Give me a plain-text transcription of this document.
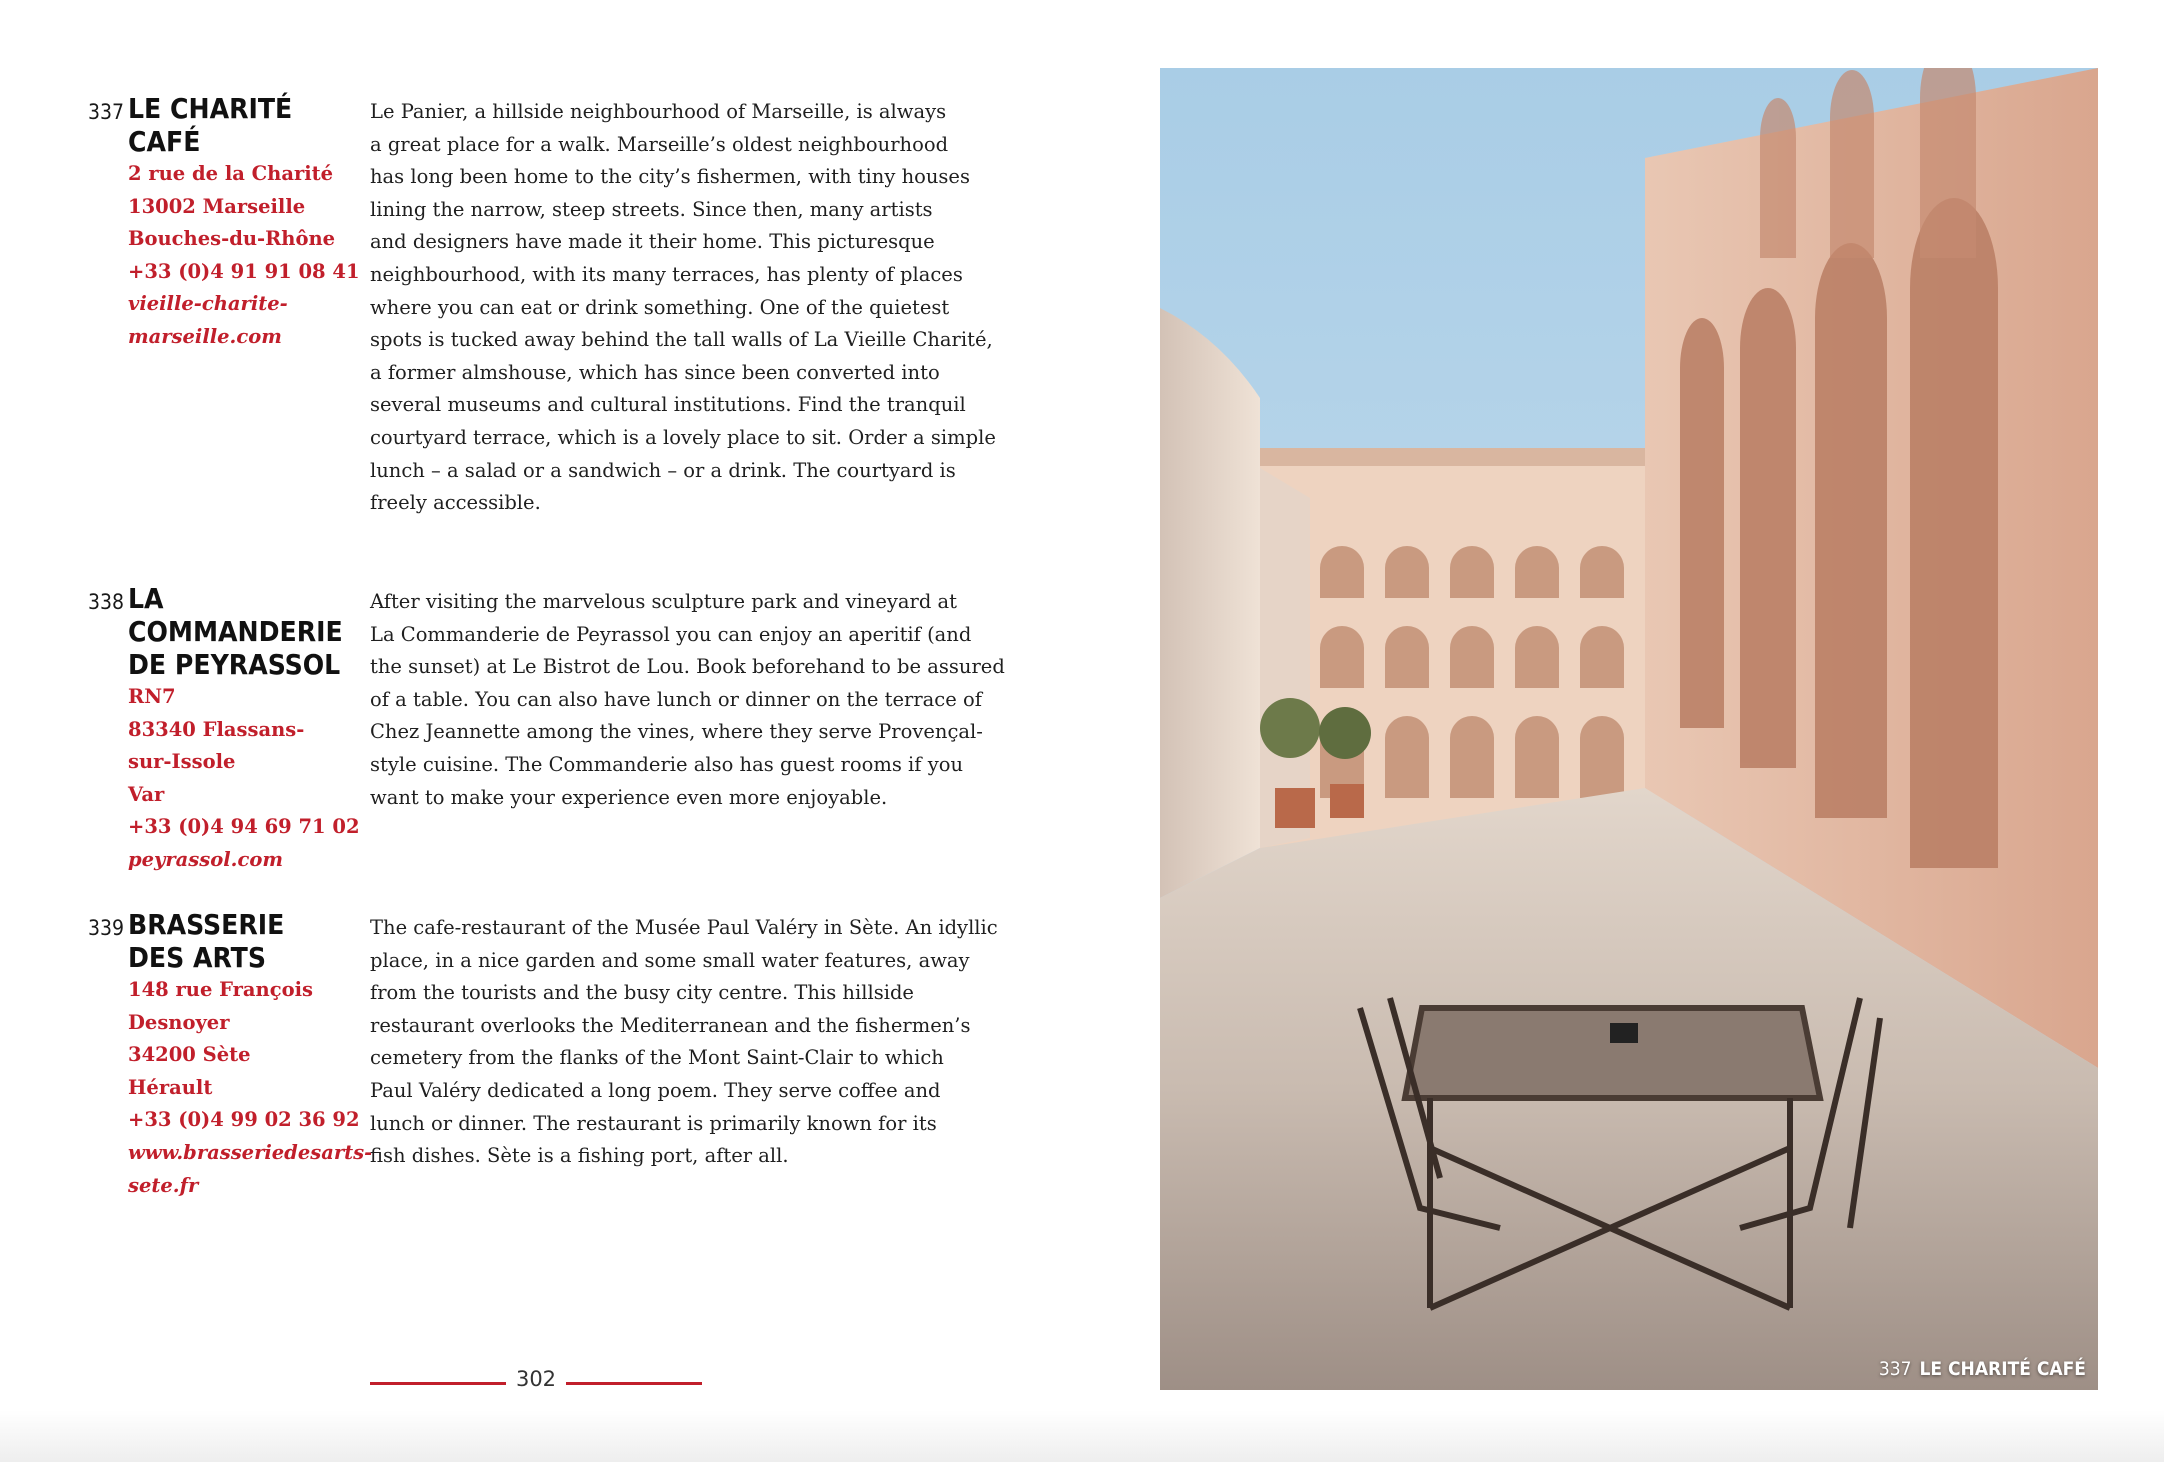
337 LE CHARITÉ CAFÉ
2 rue de la Charité
13002 Marseille
Bouches-du-Rhône
+33 (0)4 91 91 08 41
vieille-charite-
marseille.com
Le Panier, a hillside neighbourhood of Marseille, is always
a great place for a walk. Marseille’s oldest neighbourhood
has long been home to the city’s fishermen, with tiny houses
lining the narrow, steep streets. Since then, many artists
and designers have made it their home. This picturesque
neighbourhood, with its many terraces, has plenty of places
where you can eat or drink something. One of the quietest
spots is tucked away behind the tall walls of La Vieille Charité,
a former almshouse, which has since been converted into
several museums and cultural institutions. Find the tranquil
courtyard terrace, which is a lovely place to sit. Order a simple
lunch – a salad or a sandwich – or a drink. The courtyard is
freely accessible.
338 LA COMMANDERIE
DE PEYRASSOL
RN7
83340 Flassans-
sur-Issole
Var
+33 (0)4 94 69 71 02
peyrassol.com
After visiting the marvelous sculpture park and vineyard at
La Commanderie de Peyrassol you can enjoy an aperitif (and
the sunset) at Le Bistrot de Lou. Book beforehand to be assured
of a table. You can also have lunch or dinner on the terrace of
Chez Jeannette among the vines, where they serve Provençal-
style cuisine. The Commanderie also has guest rooms if you
want to make your experience even more enjoyable.
339 BRASSERIE
DES ARTS
148 rue François
Desnoyer
34200 Sète
Hérault
+33 (0)4 99 02 36 92
www.brasseriedesarts-
sete.fr
The cafe-restaurant of the Musée Paul Valéry in Sète. An idyllic
place, in a nice garden and some small water features, away
from the tourists and the busy city centre. This hillside
restaurant overlooks the Mediterranean and the fishermen’s
cemetery from the flanks of the Mont Saint-Clair to which
Paul Valéry dedicated a long poem. They serve coffee and
lunch or dinner. The restaurant is primarily known for its
fish dishes. Sète is a fishing port, after all.
302	337 LE CHARITÉ CAFÉ
